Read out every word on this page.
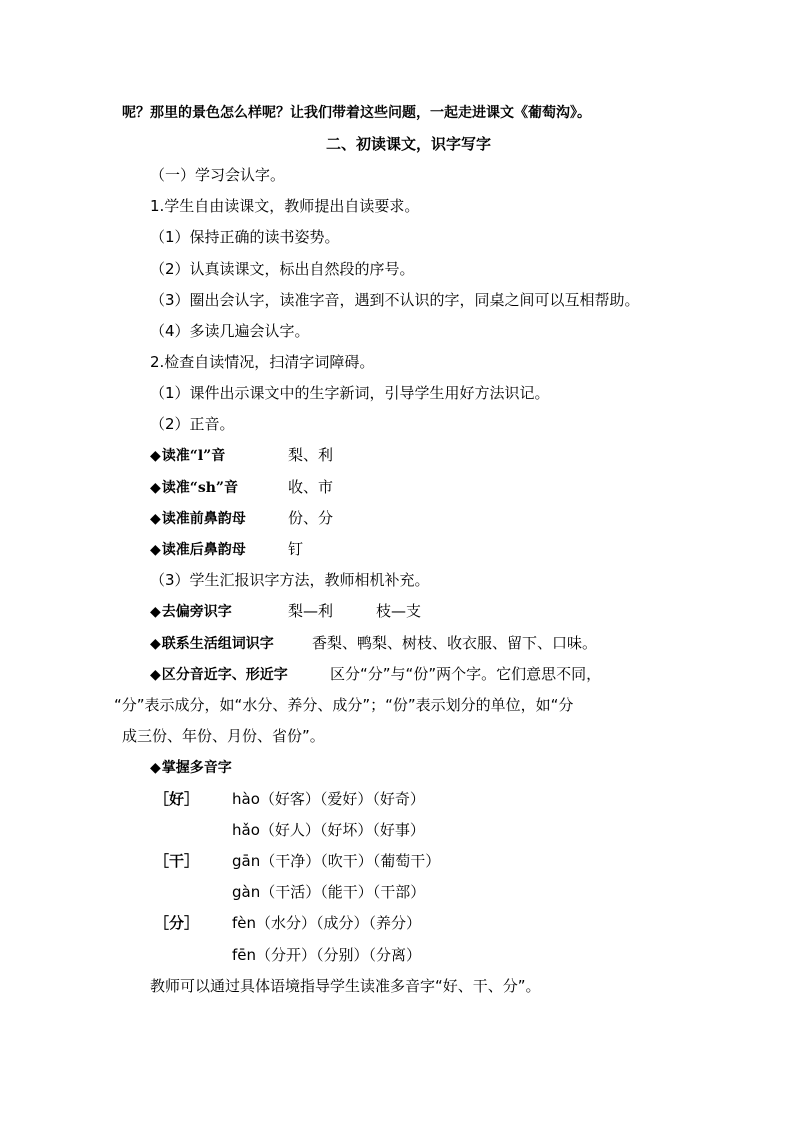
呢？那里的景色怎么样呢？让我们带着这些问题，一起走进课文《葡萄沟》。
二、初读课文，识字写字
（一）学习会认字。
1.学生自由读课文，教师提出自读要求。
（1）保持正确的读书姿势。
（2）认真读课文，标出自然段的序号。
（3）圈出会认字，读准字音，遇到不认识的字，同桌之间可以互相帮助。
（4）多读几遍会认字。
2.检查自读情况，扫清字词障碍。
（1）课件出示课文中的生字新词，引导学生用好方法识记。
（2）正音。
◆读准“l”音	梨、利
◆读准“sh”音	收、市
◆读准前鼻韵母	份、分
◆读准后鼻韵母	钉
（3）学生汇报识字方法，教师相机补充。
◆去偏旁识字	梨—利	枝—支
◆联系生活组词识字	香梨、鸭梨、树枝、收衣服、留下、口味。
◆区分音近字、形近字	区分“分”与“份”两个字。它们意思不同，
“分”表示成分，如“水分、养分、成分”；“份”表示划分的单位，如“分
成三份、年份、月份、省份”。
◆掌握多音字
［好］ hào（好客）（爱好）（好奇）
hǎo（好人）（好坏）（好事）
［干］ gān（干净）（吹干）（葡萄干）
gàn（干活）（能干）（干部）
［分］ fèn（水分）（成分）（养分）
fēn（分开）（分别）（分离）
教师可以通过具体语境指导学生读准多音字“好、干、分”。
